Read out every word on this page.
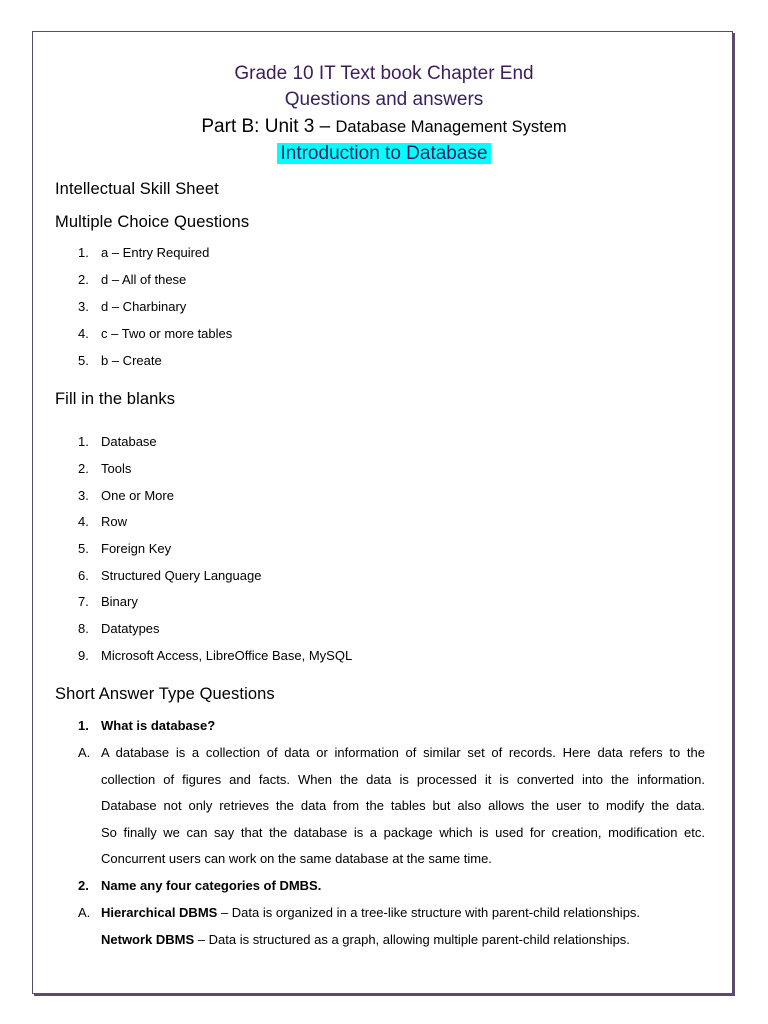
Grade 10 IT Text book Chapter End
Questions and answers
Part B: Unit 3 – Database Management System
Introduction to Database
Intellectual Skill Sheet
Multiple Choice Questions
1. a – Entry Required
2. d – All of these
3. d – Charbinary
4. c – Two or more tables
5. b – Create
Fill in the blanks
1. Database
2. Tools
3. One or More
4. Row
5. Foreign Key
6. Structured Query Language
7. Binary
8. Datatypes
9. Microsoft Access, LibreOffice Base, MySQL
Short Answer Type Questions
1. What is database?
A. A database is a collection of data or information of similar set of records. Here data refers to the
collection of figures and facts. When the data is processed it is converted into the information.
Database not only retrieves the data from the tables but also allows the user to modify the data.
So finally we can say that the database is a package which is used for creation, modification etc.
Concurrent users can work on the same database at the same time.
2. Name any four categories of DMBS.
A. Hierarchical DBMS – Data is organized in a tree-like structure with parent-child relationships.
Network DBMS – Data is structured as a graph, allowing multiple parent-child relationships.
